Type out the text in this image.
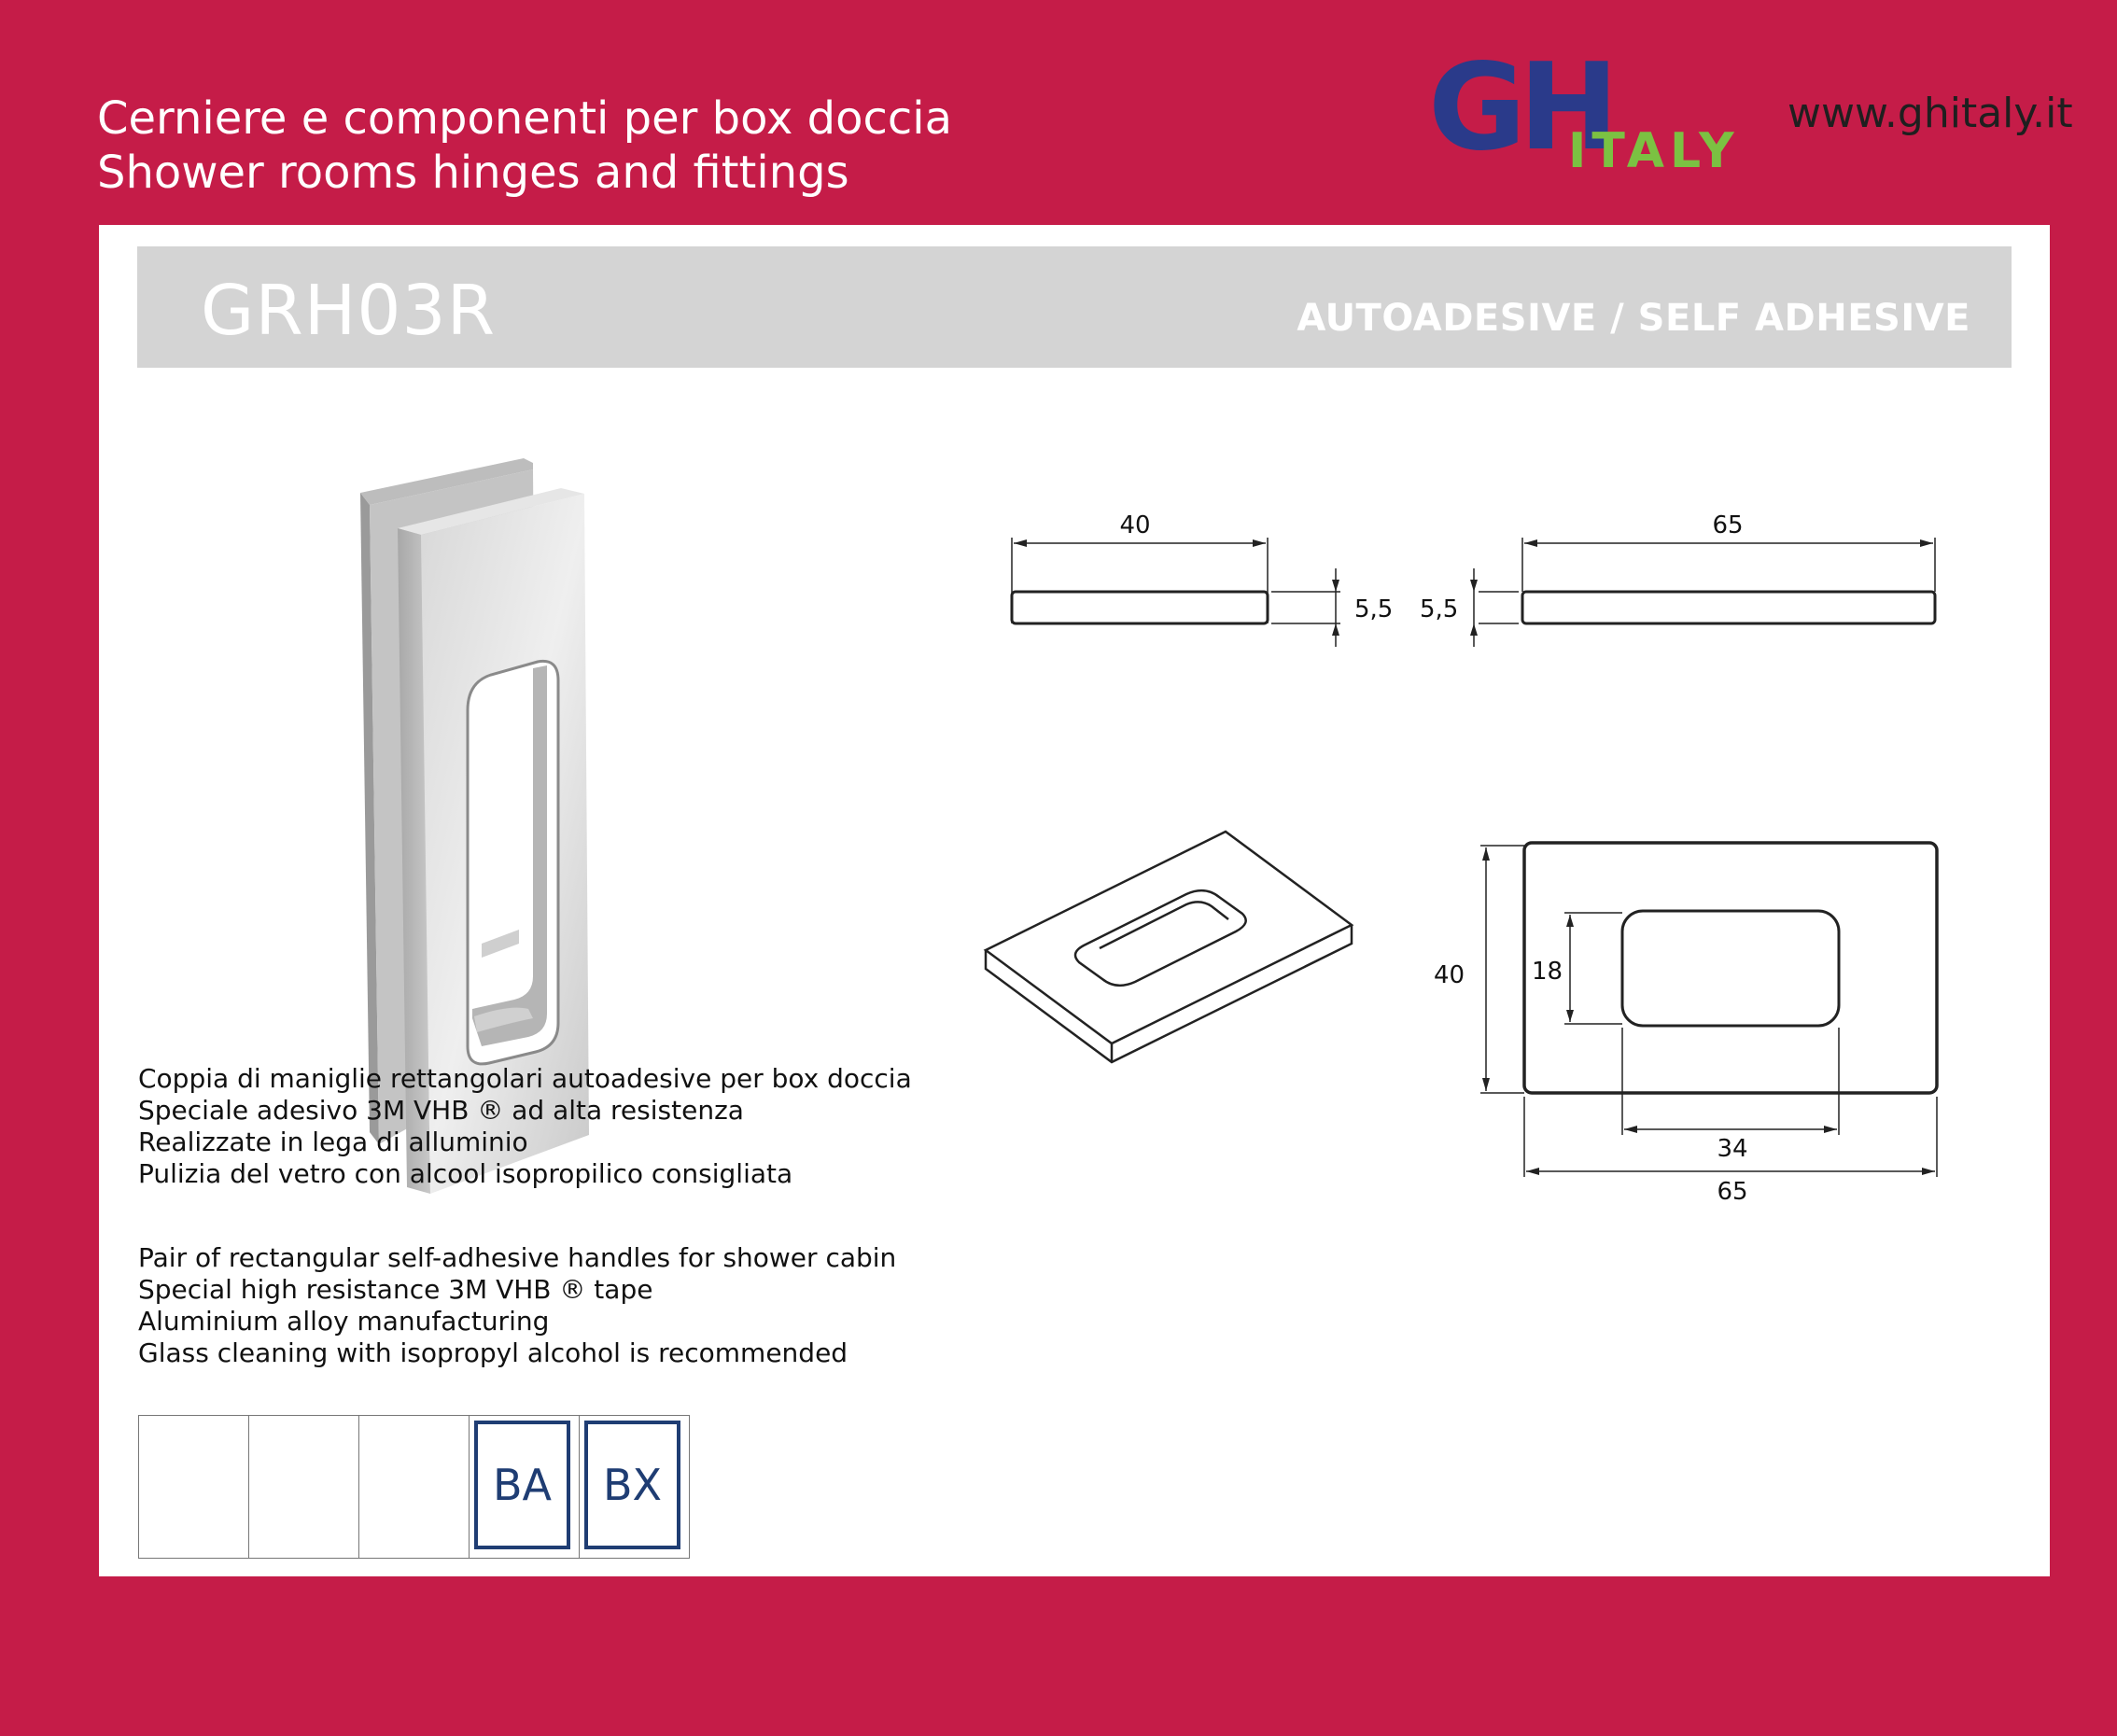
Cerniere e componenti per box doccia
Shower rooms hinges and fittings	GH
ITALY
www.ghitaly.it
GRH03R	AUTOADESIVE / SELF ADHESIVE
40
5,5
65
5,5
40	18
34
65
Coppia di maniglie rettangolari autoadesive per box doccia
Speciale adesivo 3M VHB ® ad alta resistenza
Realizzate in lega di alluminio
Pulizia del vetro con alcool isopropilico consigliata
Pair of rectangular self-adhesive handles for shower cabin
Special high resistance 3M VHB ® tape
Aluminium alloy manufacturing
Glass cleaning with isopropyl alcohol is recommended
BA	BX
